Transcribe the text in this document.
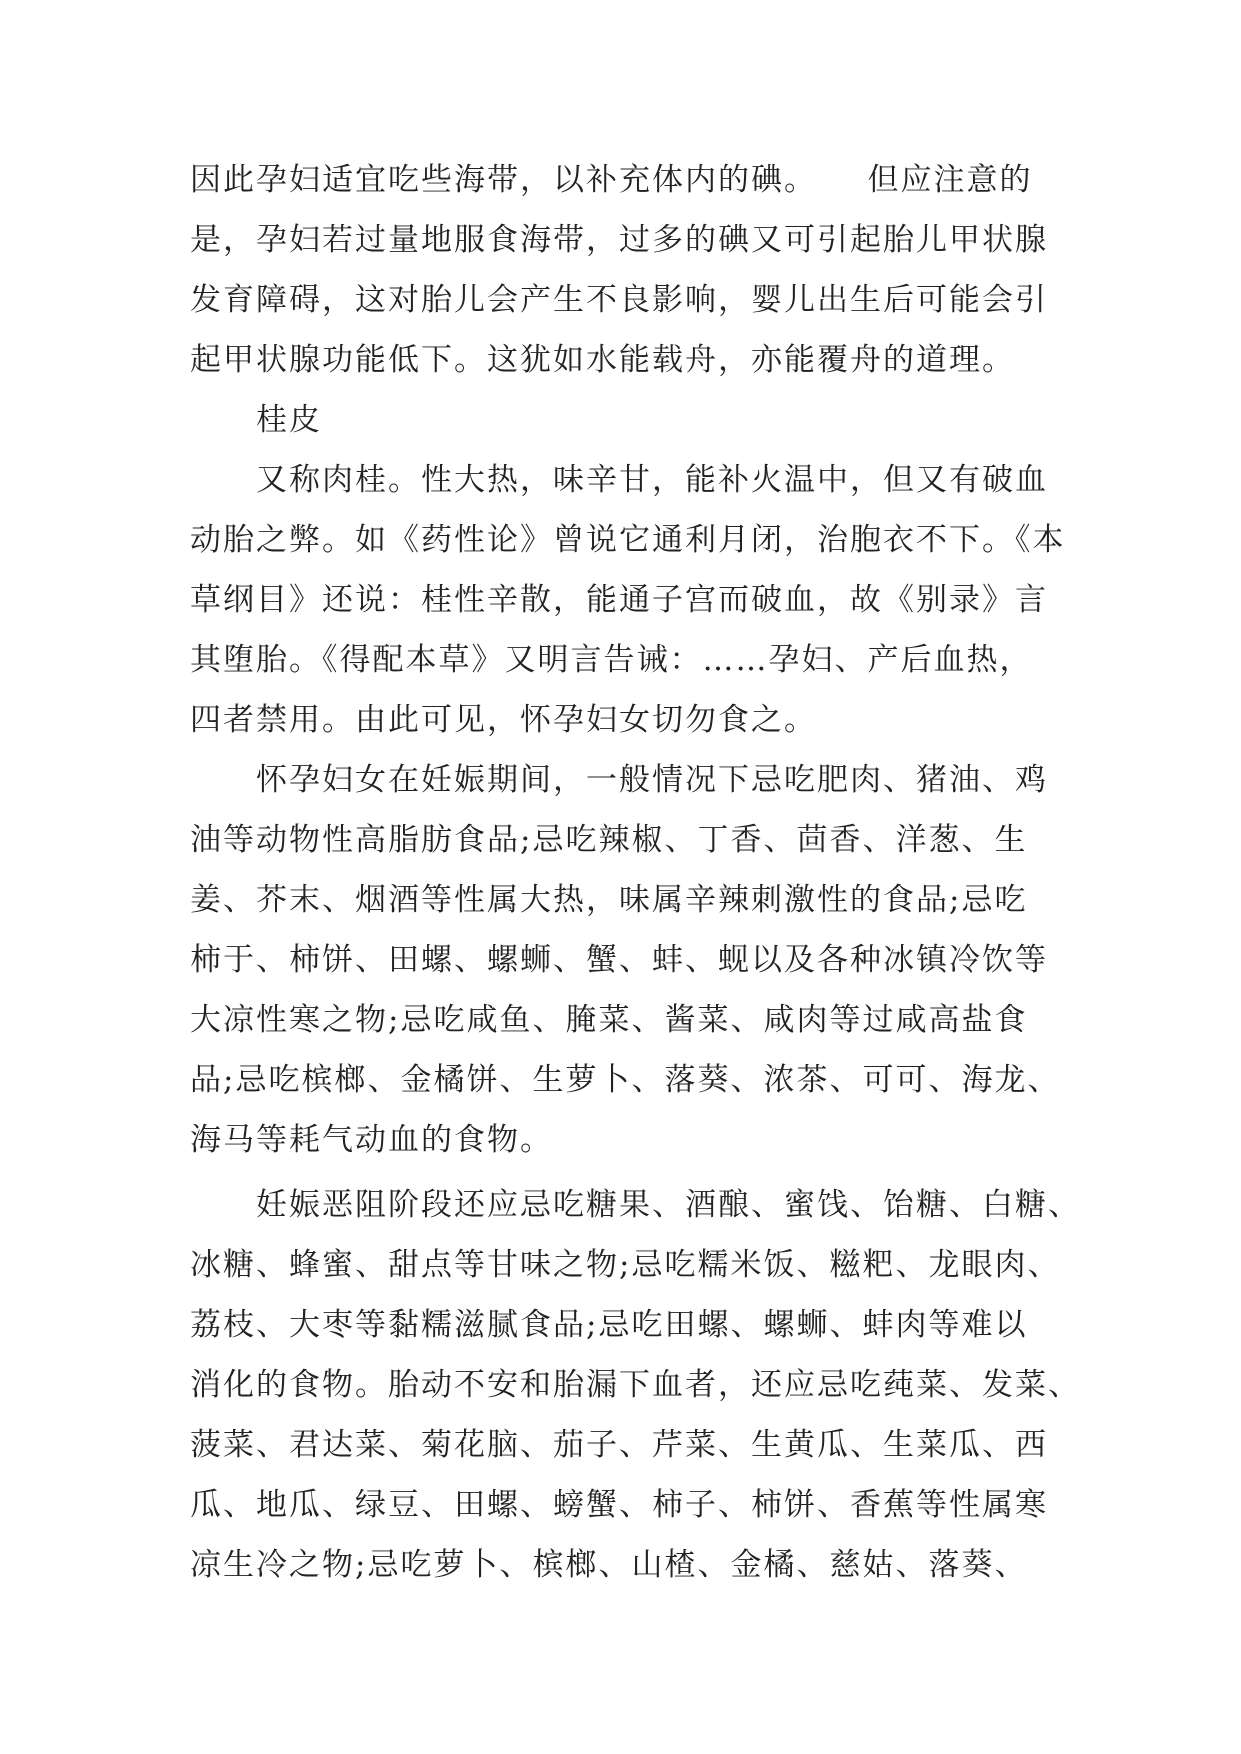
因此孕妇适宜吃些海带，以补充体内的碘。　　但应注意的
是，孕妇若过量地服食海带，过多的碘又可引起胎儿甲状腺
发育障碍，这对胎儿会产生不良影响，婴儿出生后可能会引
起甲状腺功能低下。这犹如水能载舟，亦能覆舟的道理。
　　桂皮
　　又称肉桂。性大热，味辛甘，能补火温中，但又有破血
动胎之弊。如《药性论》曾说它通利月闭，治胞衣不下。《本
草纲目》还说：桂性辛散，能通子宫而破血，故《别录》言
其堕胎。《得配本草》又明言告诫：……孕妇、产后血热，
四者禁用。由此可见，怀孕妇女切勿食之。
　　怀孕妇女在妊娠期间，一般情况下忌吃肥肉、猪油、鸡
油等动物性高脂肪食品;忌吃辣椒、丁香、茴香、洋葱、生
姜、芥末、烟酒等性属大热，味属辛辣刺激性的食品;忌吃
柿于、柿饼、田螺、螺蛳、蟹、蚌、蚬以及各种冰镇冷饮等
大凉性寒之物;忌吃咸鱼、腌菜、酱菜、咸肉等过咸高盐食
品;忌吃槟榔、金橘饼、生萝卜、落葵、浓茶、可可、海龙、
海马等耗气动血的食物。
　　妊娠恶阻阶段还应忌吃糖果、酒酿、蜜饯、饴糖、白糖、
冰糖、蜂蜜、甜点等甘味之物;忌吃糯米饭、糍粑、龙眼肉、
荔枝、大枣等黏糯滋腻食品;忌吃田螺、螺蛳、蚌肉等难以
消化的食物。胎动不安和胎漏下血者，还应忌吃莼菜、发菜、
菠菜、君达菜、菊花脑、茄子、芹菜、生黄瓜、生菜瓜、西
瓜、地瓜、绿豆、田螺、螃蟹、柿子、柿饼、香蕉等性属寒
凉生冷之物;忌吃萝卜、槟榔、山楂、金橘、慈姑、落葵、
